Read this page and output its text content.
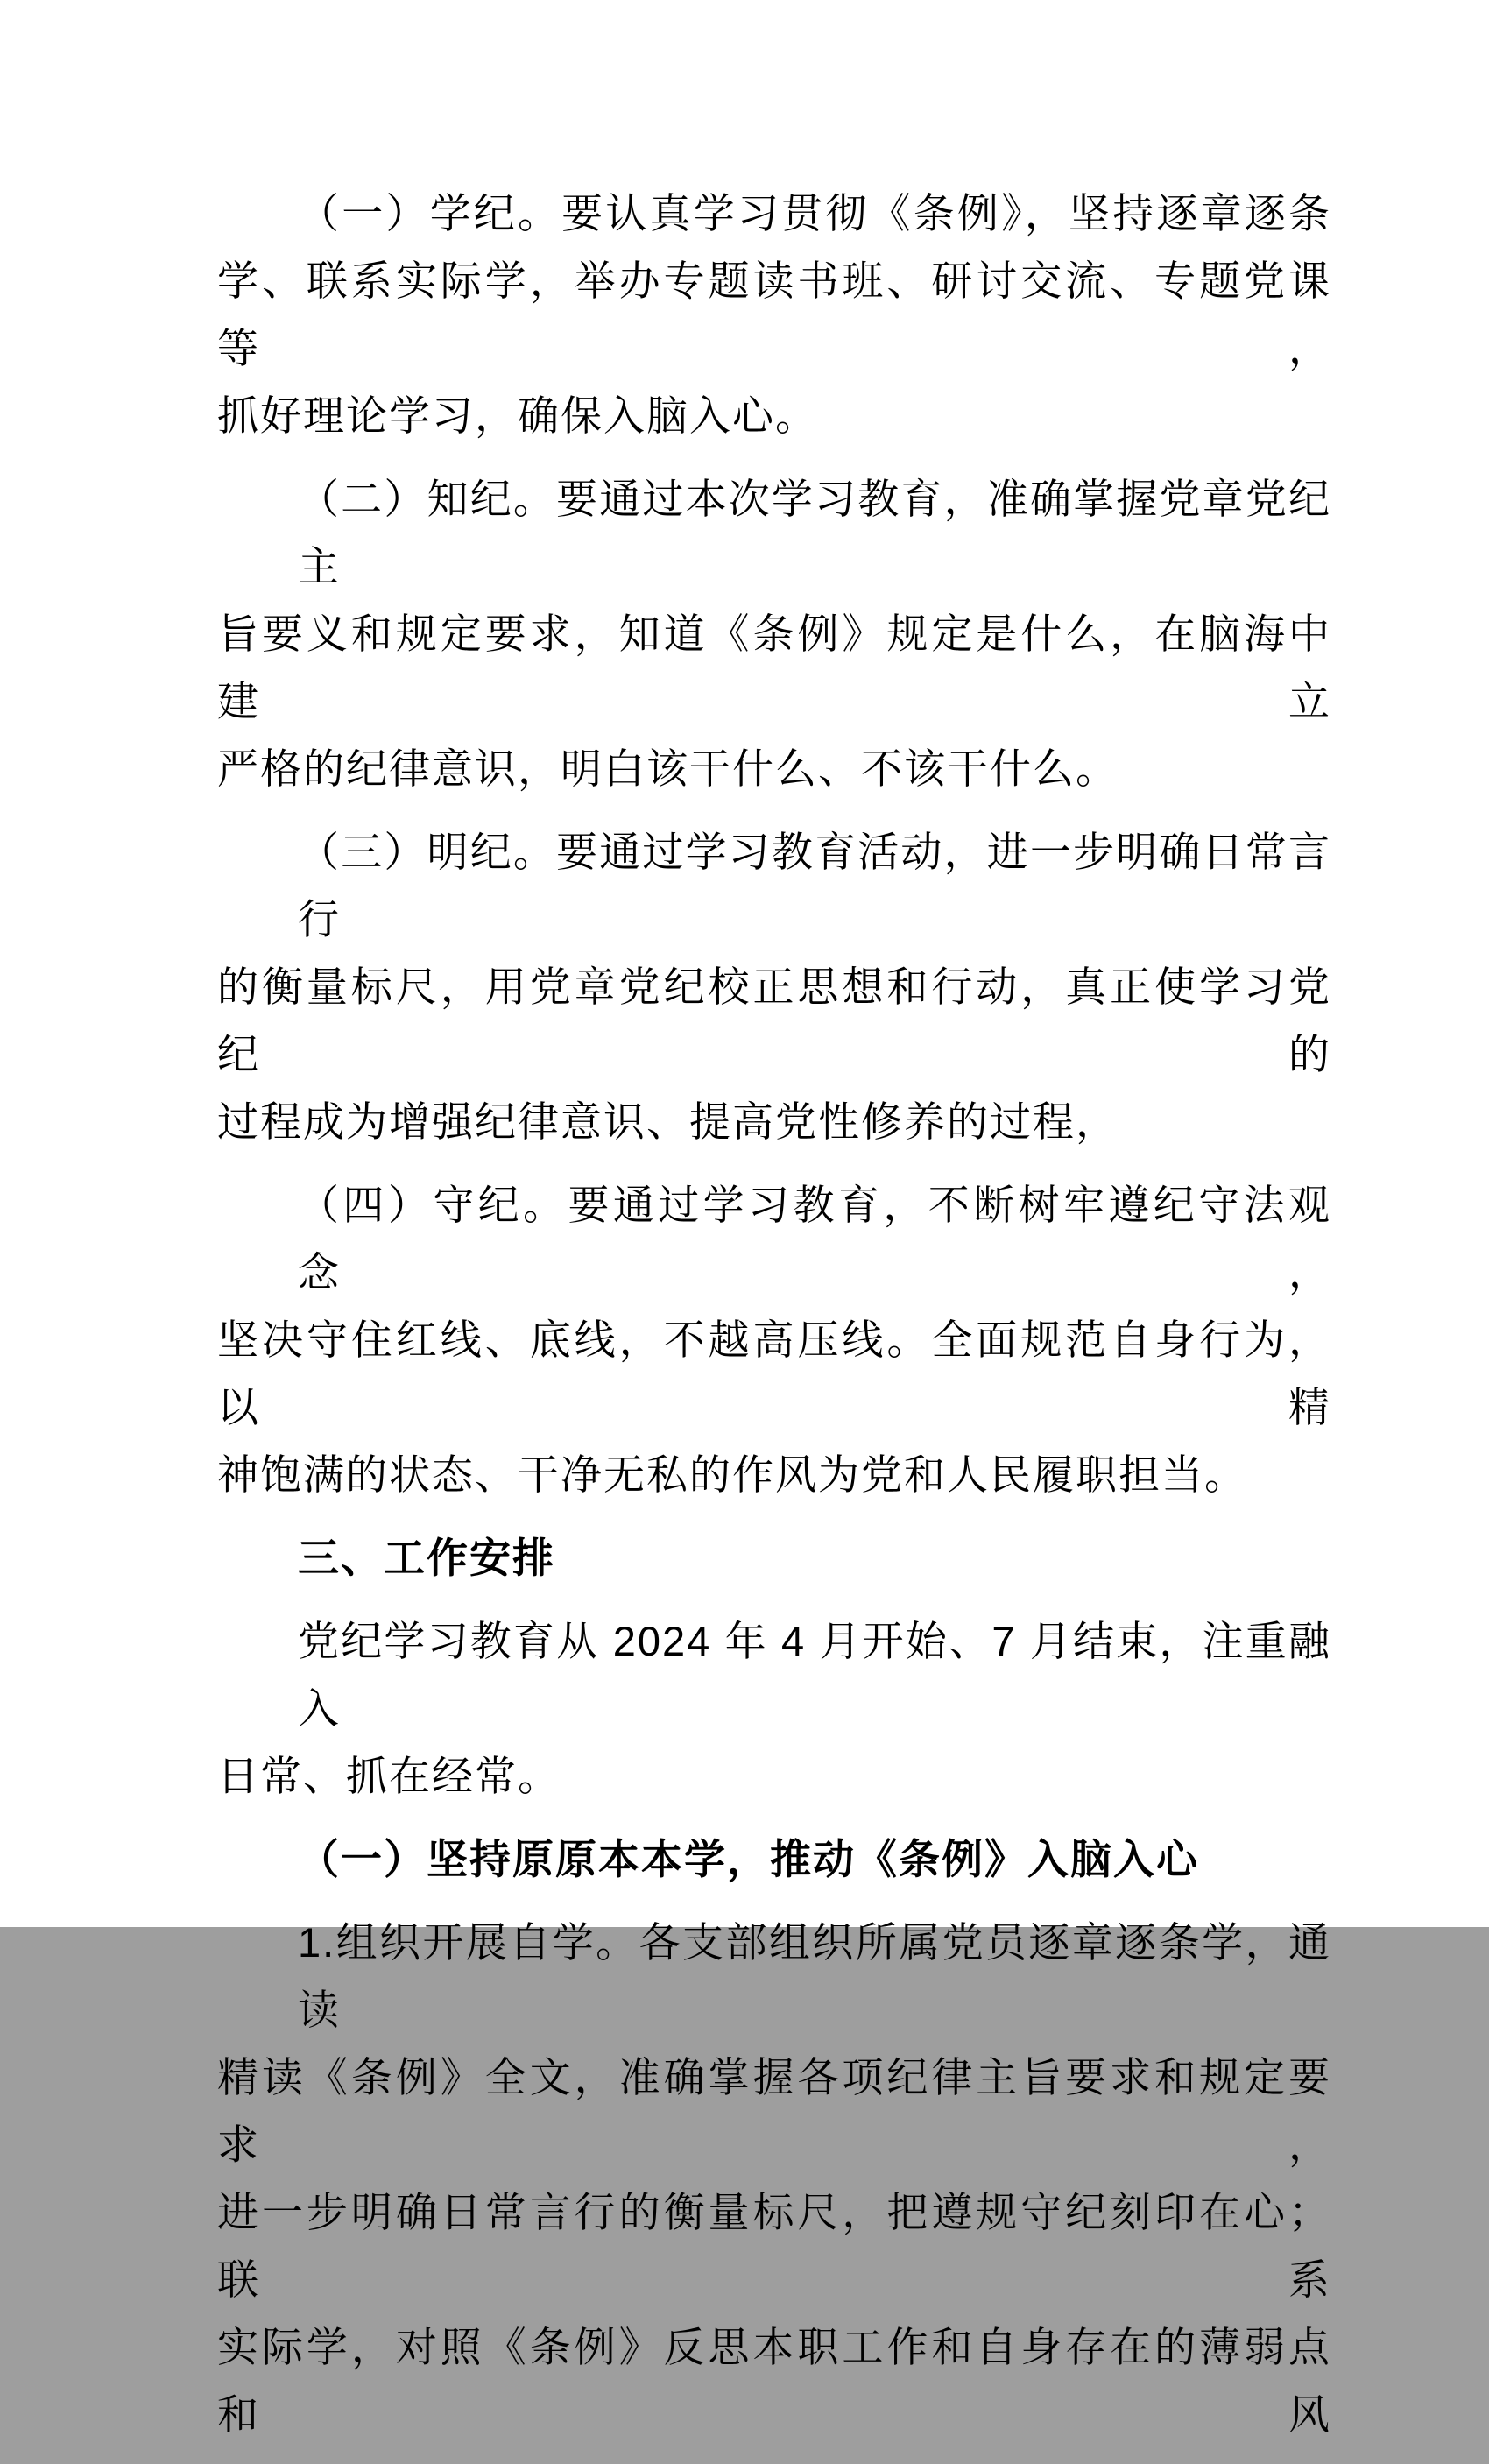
（一）学纪。要认真学习贯彻《条例》，坚持逐章逐条
学、联系实际学，举办专题读书班、研讨交流、专题党课等，
抓好理论学习，确保入脑入心。
（二）知纪。要通过本次学习教育，准确掌握党章党纪主
旨要义和规定要求，知道《条例》规定是什么，在脑海中建立
严格的纪律意识，明白该干什么、不该干什么。
（三）明纪。要通过学习教育活动，进一步明确日常言行
的衡量标尺，用党章党纪校正思想和行动，真正使学习党纪的
过程成为增强纪律意识、提高党性修养的过程，
（四）守纪。要通过学习教育，不断树牢遵纪守法观念，
坚决守住红线、底线，不越高压线。全面规范自身行为，以精
神饱满的状态、干净无私的作风为党和人民履职担当。
三、工作安排
党纪学习教育从 2024 年 4 月开始、7 月结束，注重融入
日常、抓在经常。
（一）坚持原原本本学，推动《条例》入脑入心
1.组织开展自学。各支部组织所属党员逐章逐条学，通读
精读《条例》全文，准确掌握各项纪律主旨要求和规定要求，
进一步明确日常言行的衡量标尺，把遵规守纪刻印在心；联系
实际学，对照《条例》反思本职工作和自身存在的薄弱点和风
